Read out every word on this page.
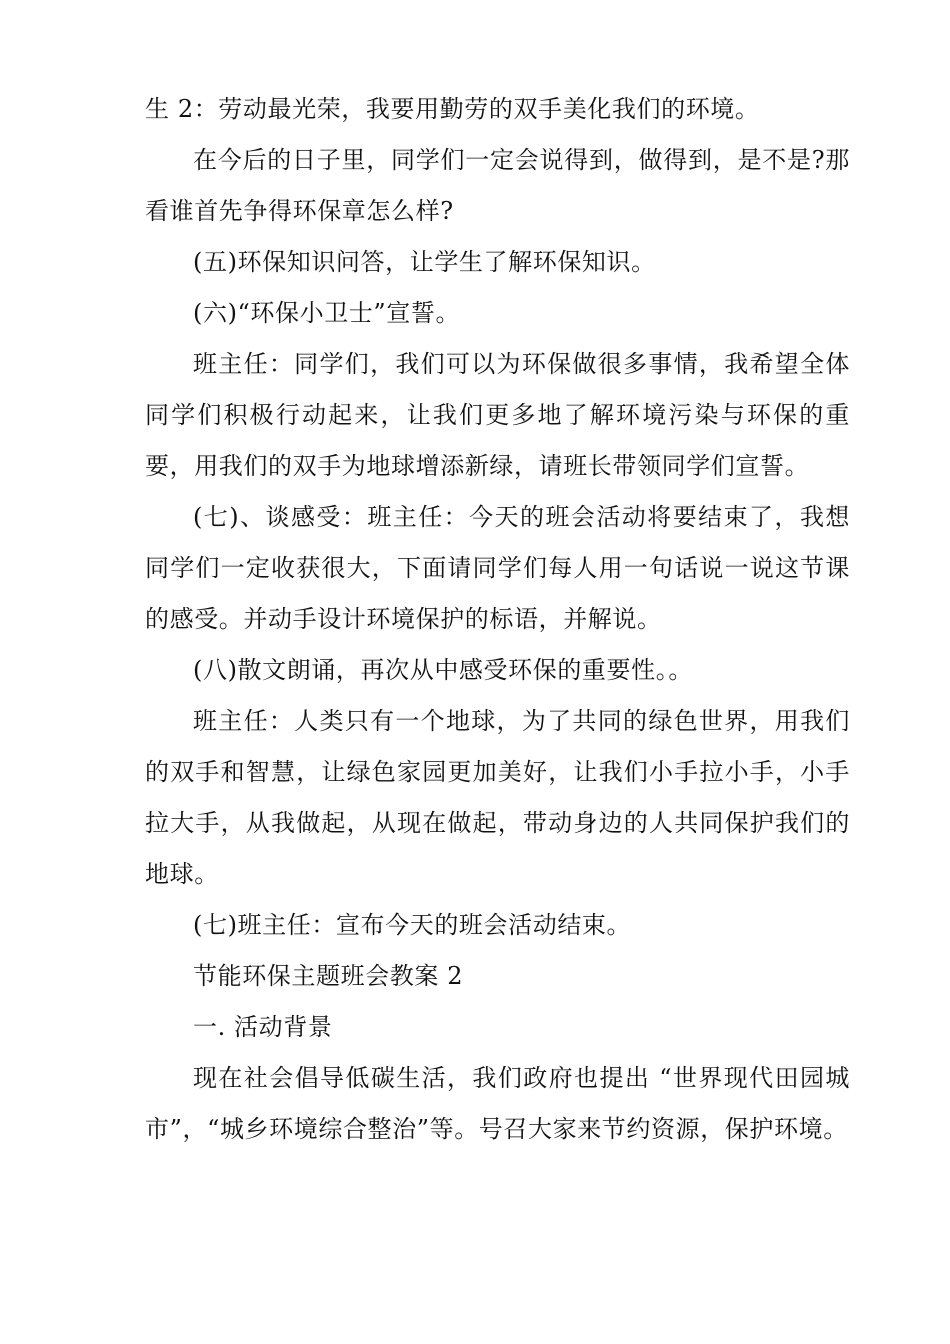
生 2：劳动最光荣，我要用勤劳的双手美化我们的环境。

在今后的日子里，同学们一定会说得到，做得到，是不是?那看谁首先争得环保章怎么样?

(五)环保知识问答，让学生了解环保知识。

(六)“环保小卫士”宣誓。

班主任：同学们，我们可以为环保做很多事情，我希望全体同学们积极行动起来，让我们更多地了解环境污染与环保的重要，用我们的双手为地球增添新绿，请班长带领同学们宣誓。

(七)、谈感受：班主任：今天的班会活动将要结束了，我想同学们一定收获很大，下面请同学们每人用一句话说一说这节课的感受。并动手设计环境保护的标语，并解说。

(八)散文朗诵，再次从中感受环保的重要性。。

班主任：人类只有一个地球，为了共同的绿色世界，用我们的双手和智慧，让绿色家园更加美好，让我们小手拉小手，小手拉大手，从我做起，从现在做起，带动身边的人共同保护我们的地球。

(七)班主任：宣布今天的班会活动结束。

节能环保主题班会教案 2

一. 活动背景

现在社会倡导低碳生活，我们政府也提出 “世界现代田园城市”，“城乡环境综合整治”等。号召大家来节约资源，保护环境。
